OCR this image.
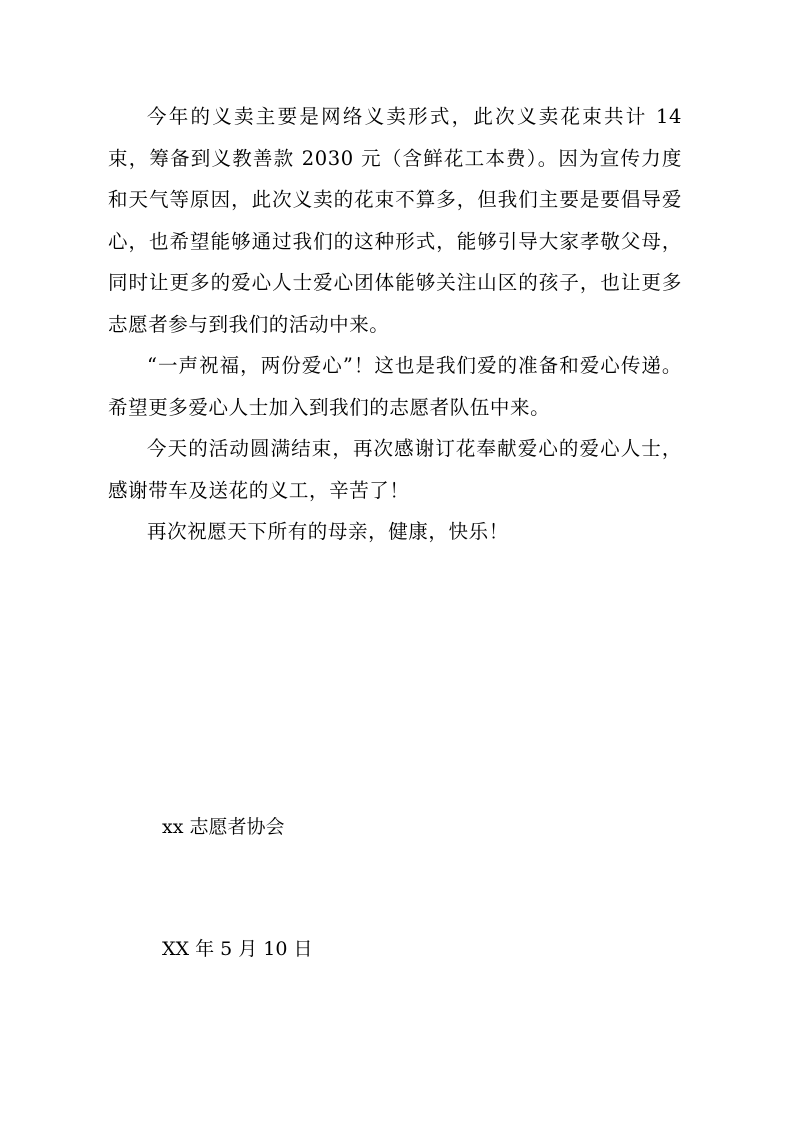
今年的义卖主要是网络义卖形式，此次义卖花束共计 14 束，筹备到义教善款 2030 元（含鲜花工本费）。因为宣传力度和天气等原因，此次义卖的花束不算多，但我们主要是要倡导爱心，也希望能够通过我们的这种形式，能够引导大家孝敬父母，同时让更多的爱心人士爱心团体能够关注山区的孩子，也让更多志愿者参与到我们的活动中来。

“一声祝福，两份爱心”！这也是我们爱的准备和爱心传递。希望更多爱心人士加入到我们的志愿者队伍中来。

今天的活动圆满结束，再次感谢订花奉献爱心的爱心人士，感谢带车及送花的义工，辛苦了！

再次祝愿天下所有的母亲，健康，快乐！

xx 志愿者协会
XX 年 5 月 10 日
